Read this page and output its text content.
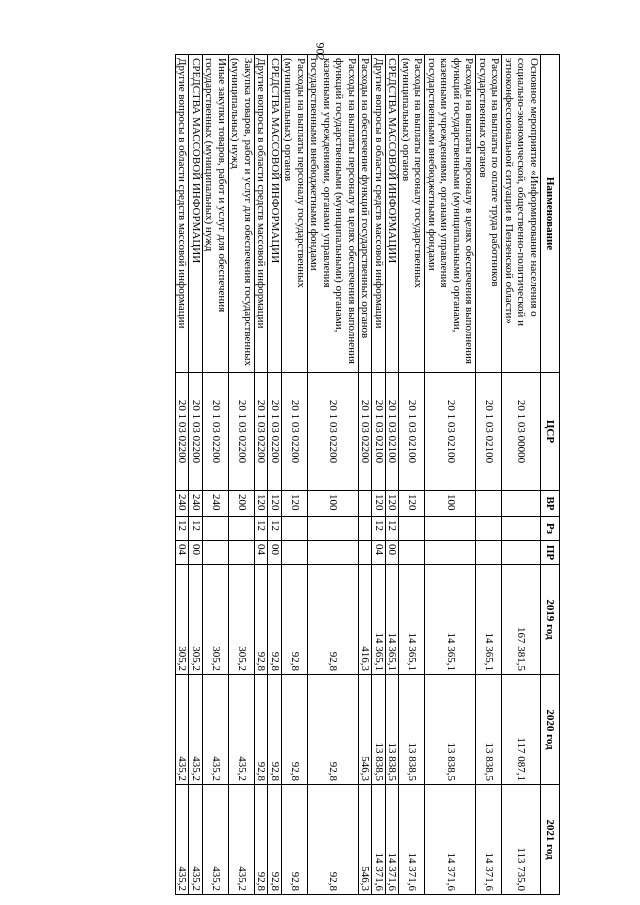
902
Наименование	ЦСР	ВР	Рз	ПР	2019 год	2020 год	2021 год
Основное мероприятие «Информирование населения о социально-экономической, общественно-политической и этноконфессиональной ситуации в Пензенской области»	20 1 03 00000				167 381,5	117 087,1	113 735,0
Расходы на выплаты по оплате труда работников государственных органов	20 1 03 02100				14 365,1	13 838,5	14 371,6
Расходы на выплаты персоналу в целях обеспечения выполнения функций государственными (муниципальными) органами, казенными учреждениями, органами управления государственными внебюджетными фондами	20 1 03 02100	100			14 365,1	13 838,5	14 371,6
Расходы на выплаты персоналу государственных (муниципальных) органов	20 1 03 02100	120			14 365,1	13 838,5	14 371,6
СРЕДСТВА МАССОВОЙ ИНФОРМАЦИИ	20 1 03 02100	120	12	00	14 365,1	13 838,5	14 371,6
Другие вопросы в области средств массовой информации	20 1 03 02100	120	12	04	14 365,1	13 838,5	14 371,6
Расходы на обеспечение функций государственных органов	20 1 03 02200				416,3	546,3	546,3
Расходы на выплаты персоналу в целях обеспечения выполнения функций государственными (муниципальными) органами, казенными учреждениями, органами управления государственными внебюджетными фондами	20 1 03 02200	100			92,8	92,8	92,8
Расходы на выплаты персоналу государственных (муниципальных) органов	20 1 03 02200	120			92,8	92,8	92,8
СРЕДСТВА МАССОВОЙ ИНФОРМАЦИИ	20 1 03 02200	120	12	00	92,8	92,8	92,8
Другие вопросы в области средств массовой информации	20 1 03 02200	120	12	04	92,8	92,8	92,8
Закупка товаров, работ и услуг для обеспечения государственных (муниципальных) нужд	20 1 03 02200	200			305,2	435,2	435,2
Иные закупки товаров, работ и услуг для обеспечения государственных (муниципальных) нужд	20 1 03 02200	240			305,2	435,2	435,2
СРЕДСТВА МАССОВОЙ ИНФОРМАЦИИ	20 1 03 02200	240	12	00	305,2	435,2	435,2
Другие вопросы в области средств массовой информации	20 1 03 02200	240	12	04	305,2	435,2	435,2
